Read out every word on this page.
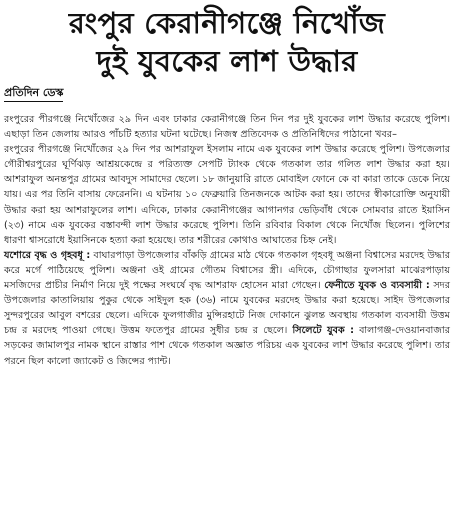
রংপুর কেরানীগঞ্জে নিখোঁজ
দুই যুবকের লাশ উদ্ধার
প্রতিদিন ডেস্ক

রংপুরের পীরগঞ্জে নিখোঁজের ২৯ দিন এবং ঢাকার কেরানীগঞ্জে তিন দিন পর দুই যুবকের লাশ উদ্ধার করেছে পুলিশ। এছাড়া তিন জেলায় আরও পাঁচটি হত্যার ঘটনা ঘটেছে। নিজস্ব প্রতিবেদক ও প্রতিনিধিদের পাঠানো খবর–

রংপুরের পীরগঞ্জে নিখোঁজের ২৯ দিন পর আশরাফুল ইসলাম নামে এক যুবকের লাশ উদ্ধার করেছে পুলিশ। উপজেলার গৌরীশ্বরপুরের ঘূর্ণিঝড় আশ্রয়কেন্দ্রে র পরিত্যক্ত সেপটি ট্যাংক থেকে গতকাল তার গলিত লাশ উদ্ধার করা হয়। আশরাফুল অনন্তপুর গ্রামের আবদুস সামাদের ছেলে। ১৮ জানুয়ারি রাতে মোবাইল ফোনে কে বা কারা তাকে ডেকে নিয়ে যায়। এর পর তিনি বাসায় ফেরেননি। এ ঘটনায় ১০ ফেব্রুয়ারি তিনজনকে আটক করা হয়। তাদের স্বীকারোক্তি অনুযায়ী উদ্ধার করা হয় আশরাফুলের লাশ। এদিকে, ঢাকার কেরানীগঞ্জের আগানগর ভেড়িবাঁধ থেকে সোমবার রাতে ইয়াসিন (২৩) নামে এক যুবকের বস্তাবন্দী লাশ উদ্ধার করেছে পুলিশ। তিনি রবিবার বিকাল থেকে নিখোঁজ ছিলেন। পুলিশের ধারণা শ্বাসরোধে ইয়াসিনকে হত্যা করা হয়েছে। তার শরীরের কোথাও আঘাতের চিহ্ন নেই।

যশোরে বৃদ্ধ ও গৃহবধূ : বাঘারপাড়া উপজেলার বাঁকড়ি গ্রামের মাঠ থেকে গতকাল গৃহবধূ অঞ্জনা বিশ্বাসের মরদেহ উদ্ধার করে মর্গে পাঠিয়েছে পুলিশ। অঞ্জনা ওই গ্রামের গৌতম বিশ্বাসের স্ত্রী। এদিকে, চৌগাছার ফুলসারা মাঝেরপাড়ায় মসজিদের প্রাচীর নির্মাণ নিয়ে দুই পক্ষের সংঘর্ষে বৃদ্ধ আশরাফ হোসেন মারা গেছেন। ফেনীতে যুবক ও ব্যবসায়ী : সদর উপজেলার কাতালিয়ায় পুকুর থেকে সাইদুল হক (৩৬) নামে যুবকের মরদেহ উদ্ধার করা হয়েছে। সাইদ উপজেলার সুন্দরপুরের আবুল বশরের ছেলে। এদিকে ফুলগাজীর মুন্সিরহাটে নিজ দোকানে ঝুলন্ত অবস্থায় গতকাল ব্যবসায়ী উত্তম চন্দ্র র মরদেহ পাওয়া গেছে। উত্তম ফতেপুর গ্রামের সুধীর চন্দ্র র ছেলে। সিলেটে যুবক : বালাগঞ্জ-দেওয়ানবাজার সড়কের জামালপুর নামক স্থানে রাস্তার পাশ থেকে গতকাল অজ্ঞাত পরিচয় এক যুবকের লাশ উদ্ধার করেছে পুলিশ। তার পরনে ছিল কালো জ্যাকেট ও জিন্সের প্যান্ট।
